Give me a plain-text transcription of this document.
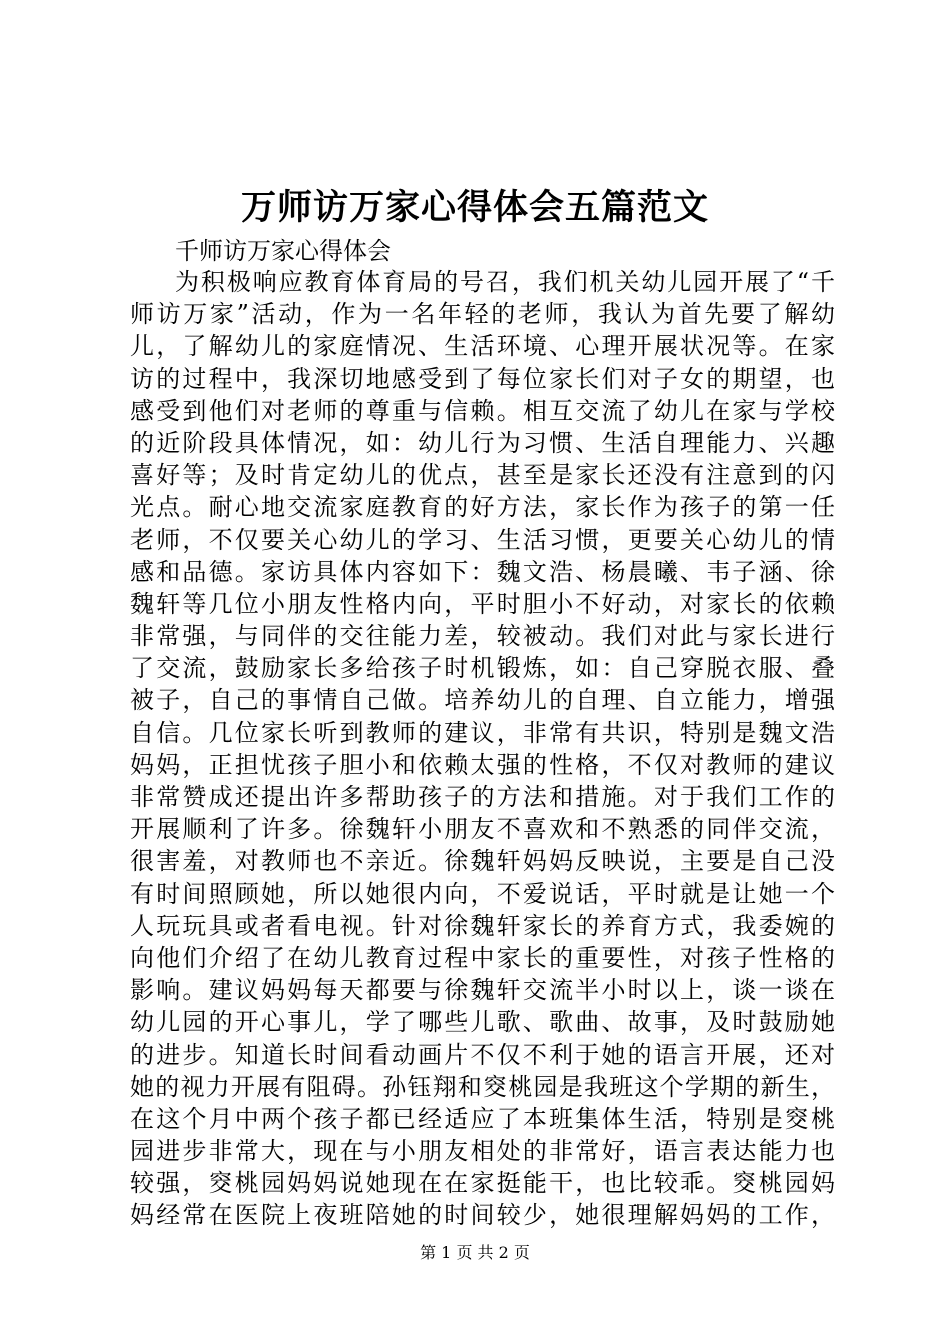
万师访万家心得体会五篇范文
千师访万家心得体会
为积极响应教育体育局的号召，我们机关幼儿园开展了“千
师访万家”活动，作为一名年轻的老师，我认为首先要了解幼
儿，了解幼儿的家庭情况、生活环境、心理开展状况等。在家
访的过程中，我深切地感受到了每位家长们对子女的期望，也
感受到他们对老师的尊重与信赖。相互交流了幼儿在家与学校
的近阶段具体情况，如：幼儿行为习惯、生活自理能力、兴趣
喜好等；及时肯定幼儿的优点，甚至是家长还没有注意到的闪
光点。耐心地交流家庭教育的好方法，家长作为孩子的第一任
老师，不仅要关心幼儿的学习、生活习惯，更要关心幼儿的情
感和品德。家访具体内容如下：魏文浩、杨晨曦、韦子涵、徐
魏轩等几位小朋友性格内向，平时胆小不好动，对家长的依赖
非常强，与同伴的交往能力差，较被动。我们对此与家长进行
了交流，鼓励家长多给孩子时机锻炼，如：自己穿脱衣服、叠
被子，自己的事情自己做。培养幼儿的自理、自立能力，增强
自信。几位家长听到教师的建议，非常有共识，特别是魏文浩
妈妈，正担忧孩子胆小和依赖太强的性格，不仅对教师的建议
非常赞成还提出许多帮助孩子的方法和措施。对于我们工作的
开展顺利了许多。徐魏轩小朋友不喜欢和不熟悉的同伴交流，
很害羞，对教师也不亲近。徐魏轩妈妈反映说，主要是自己没
有时间照顾她，所以她很内向，不爱说话，平时就是让她一个
人玩玩具或者看电视。针对徐魏轩家长的养育方式，我委婉的
向他们介绍了在幼儿教育过程中家长的重要性，对孩子性格的
影响。建议妈妈每天都要与徐魏轩交流半小时以上，谈一谈在
幼儿园的开心事儿，学了哪些儿歌、歌曲、故事，及时鼓励她
的进步。知道长时间看动画片不仅不利于她的语言开展，还对
她的视力开展有阻碍。孙钰翔和窔桃园是我班这个学期的新生，
在这个月中两个孩子都已经适应了本班集体生活，特别是窔桃
园进步非常大，现在与小朋友相处的非常好，语言表达能力也
较强，窔桃园妈妈说她现在在家挺能干，也比较乖。窔桃园妈
妈经常在医院上夜班陪她的时间较少，她很理解妈妈的工作，
第 1 页 共 2 页
